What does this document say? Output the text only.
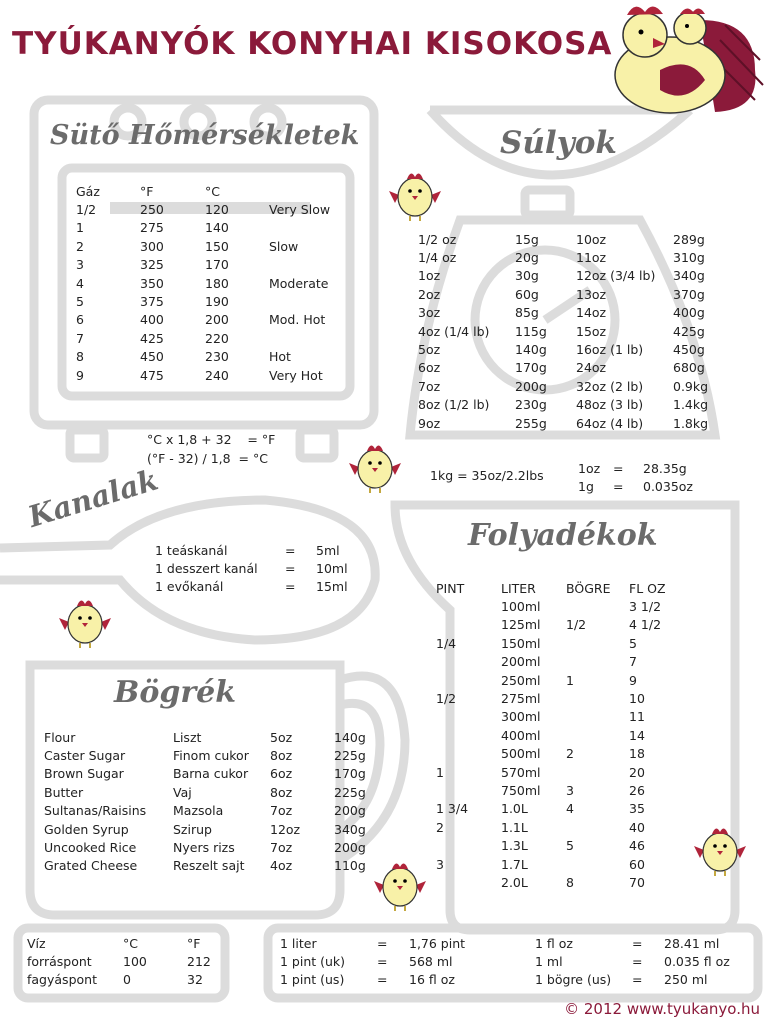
TYÚKANYÓK KONYHAI KISOKOSA
Sütő Hőmérsékletek
Gáz	°F	°C	
1/2	250	120	Very Slow
1	275	140	
2	300	150	Slow
3	325	170	
4	350	180	Moderate
5	375	190	
6	400	200	Mod. Hot
7	425	220	
8	450	230	Hot
9	475	240	Very Hot
°C x 1,8 + 32    = °F
(°F - 32) / 1,8  = °C
Súlyok
1/2 oz	15g	10oz	289g
1/4 oz	20g	11oz	310g
1oz	30g	12oz (3/4 lb)	340g
2oz	60g	13oz	370g
3oz	85g	14oz	400g
4oz (1/4 lb)	115g	15oz	425g
5oz	140g	16oz (1 lb)	450g
6oz	170g	24oz	680g
7oz	200g	32oz (2 lb)	0.9kg
8oz (1/2 lb)	230g	48oz (3 lb)	1.4kg
9oz	255g	64oz (4 lb)	1.8kg
1kg = 35oz/2.2lbs	1oz	=	28.35g
1g	=	0.035oz
Kanalak
1 teáskanál	=	5ml
1 desszert kanál	=	10ml
1 evőkanál	=	15ml
Folyadékok
PINT	LITER	BÖGRE	FL OZ
	100ml		3 1/2
	125ml	1/2	4 1/2
1/4	150ml		5
	200ml		7
	250ml	1	9
1/2	275ml		10
	300ml		11
	400ml		14
	500ml	2	18
1	570ml		20
	750ml	3	26
1 3/4	1.0L	4	35
2	1.1L		40
	1.3L	5	46
3	1.7L		60
	2.0L	8	70
Bögrék
Flour	Liszt	5oz	140g
Caster Sugar	Finom cukor	8oz	225g
Brown Sugar	Barna cukor	6oz	170g
Butter	Vaj	8oz	225g
Sultanas/Raisins	Mazsola	7oz	200g
Golden Syrup	Szirup	12oz	340g
Uncooked Rice	Nyers rizs	7oz	200g
Grated Cheese	Reszelt sajt	4oz	110g
Víz	°C	°F
forráspont	100	212
fagyáspont	0	32
1 liter	=	1,76 pint	1 fl oz	=	28.41 ml
1 pint (uk)	=	568 ml	1 ml	=	0.035 fl oz
1 pint (us)	=	16 fl oz	1 bögre (us)	=	250 ml
© 2012 www.tyukanyo.hu
